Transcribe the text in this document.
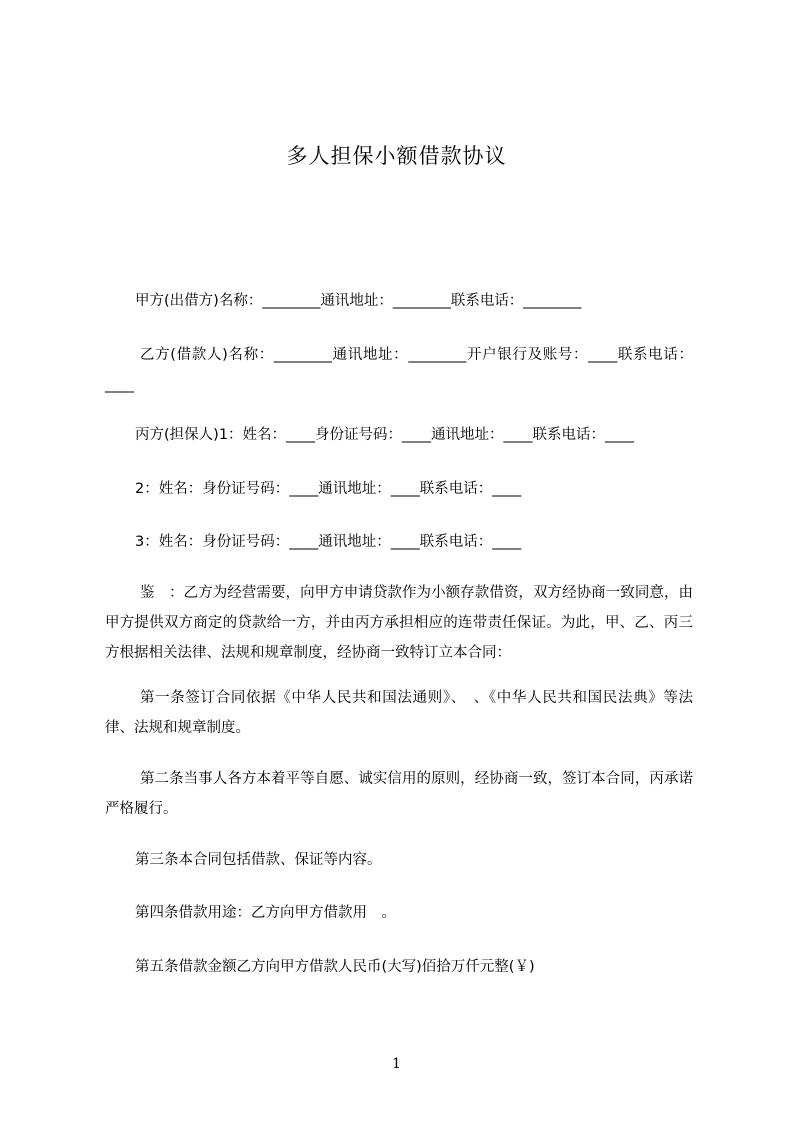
多人担保小额借款协议

甲方(出借方)名称：________通讯地址：________联系电话：________

乙方(借款人)名称：________通讯地址：________开户银行及账号：____联系电话：____

丙方(担保人)1：姓名：____身份证号码：____通讯地址：____联系电话：____

2：姓名：身份证号码：____通讯地址：____联系电话：____

3：姓名：身份证号码：____通讯地址：____联系电话：____

鉴　：乙方为经营需要，向甲方申请贷款作为小额存款借资，双方经协商一致同意，由甲方提供双方商定的贷款给一方，并由丙方承担相应的连带责任保证。为此，甲、乙、丙三方根据相关法律、法规和规章制度，经协商一致特订立本合同：

第一条签订合同依据《中华人民共和国法通则》、　、《中华人民共和国民法典》等法律、法规和规章制度。

第二条当事人各方本着平等自愿、诚实信用的原则，经协商一致，签订本合同，丙承诺严格履行。

第三条本合同包括借款、保证等内容。

第四条借款用途：乙方向甲方借款用　。

第五条借款金额乙方向甲方借款人民币(大写)佰拾万仟元整(￥)

1
